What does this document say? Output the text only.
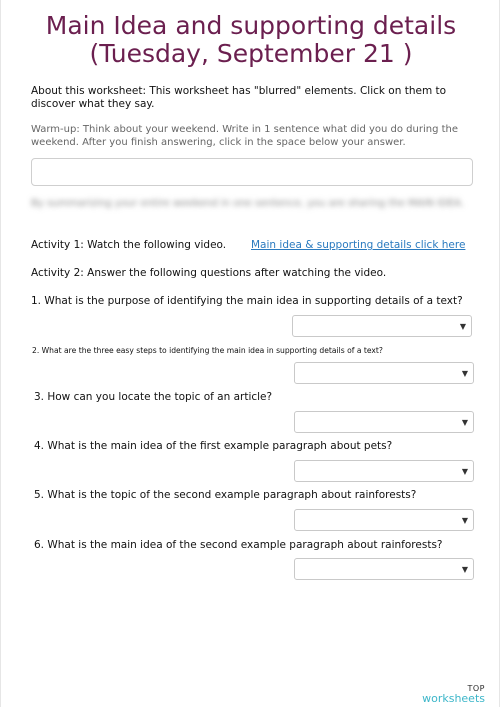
Main Idea and supporting details
(Tuesday, September 21 )
About this worksheet: This worksheet has "blurred" elements. Click on them to discover what they say.
Warm-up: Think about your weekend. Write in 1 sentence what did you do during the weekend. After you finish answering, click in the space below your answer.
By summarizing your entire weekend in one sentence, you are sharing the MAIN IDEA.
Activity 1: Watch the following video. Main idea & supporting details click here
Activity 2: Answer the following questions after watching the video.
1. What is the purpose of identifying the main idea in supporting details of a text?
▼
2. What are the three easy steps to identifying the main idea in supporting details of a text?
▼
3. How can you locate the topic of an article?
▼
4. What is the main idea of the first example paragraph about pets?
▼
5. What is the topic of the second example paragraph about rainforests?
▼
6. What is the main idea of the second example paragraph about rainforests?
▼
TOP
worksheets
